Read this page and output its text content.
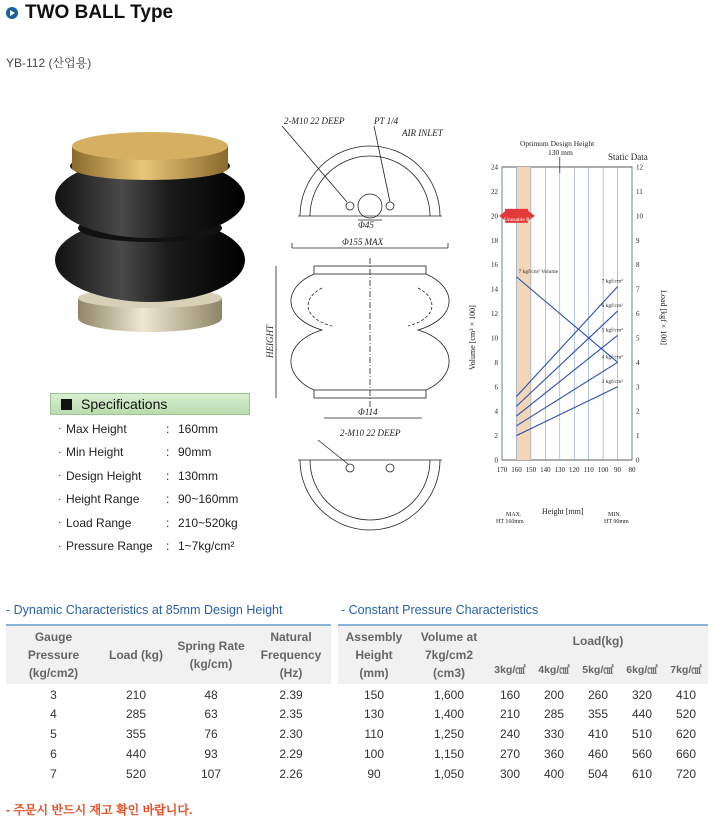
TWO BALL Type
YB-112 (산업용)
Specifications
· Max Height	: 160mm
· Min Height	: 90mm
· Design Height	: 130mm
· Height Range	: 90~160mm
· Load Range	: 210~520kg
· Pressure Range	: 1~7kg/cm²
2-M10 22 DEEP	PT 1/4
AIR INLET
Φ45
Φ155 MAX
HEIGHT
Φ114
2-M10 22 DEEP
7 kgf/cm²
6 kgf/cm²
5 kgf/cm²
4 kgf/cm²
3 kgf/cm²
7 kgf/cm² Volume
170 160 150 140 130 120 110 100 90 80
0
2
4
6
8
10
12
14
16
18
20
22
24
0
1
2
3
4
5
6
7
8
9
10
11
12
Optimum Design Height
130 mm	Static Data
Volume [cm³ × 100]	Load [kgf × 100]
Height [mm]
MAX.
HT 160mm
MIN.
HT 90mm
Unusable Range
- Dynamic Characteristics at 85mm Design Height
Gauge Pressure (kg/cm2)	Load (kg)	Spring Rate (kg/cm)	Natural Frequency (Hz)
3	210	48	2.39
4	285	63	2.35
5	355	76	2.30
6	440	93	2.29
7	520	107	2.26
- Constant Pressure Characteristics
Assembly Height (mm)	Volume at 7kg/cm2 (cm3)	Load(kg)				
		3kg/㎠	4kg/㎠	5kg/㎠	6kg/㎠	7kg/㎠
150	1,600	160	200	260	320	410
130	1,400	210	285	355	440	520
110	1,250	240	330	410	510	620
100	1,150	270	360	460	560	660
90	1,050	300	400	504	610	720
- 주문시 반드시 재고 확인 바랍니다.
